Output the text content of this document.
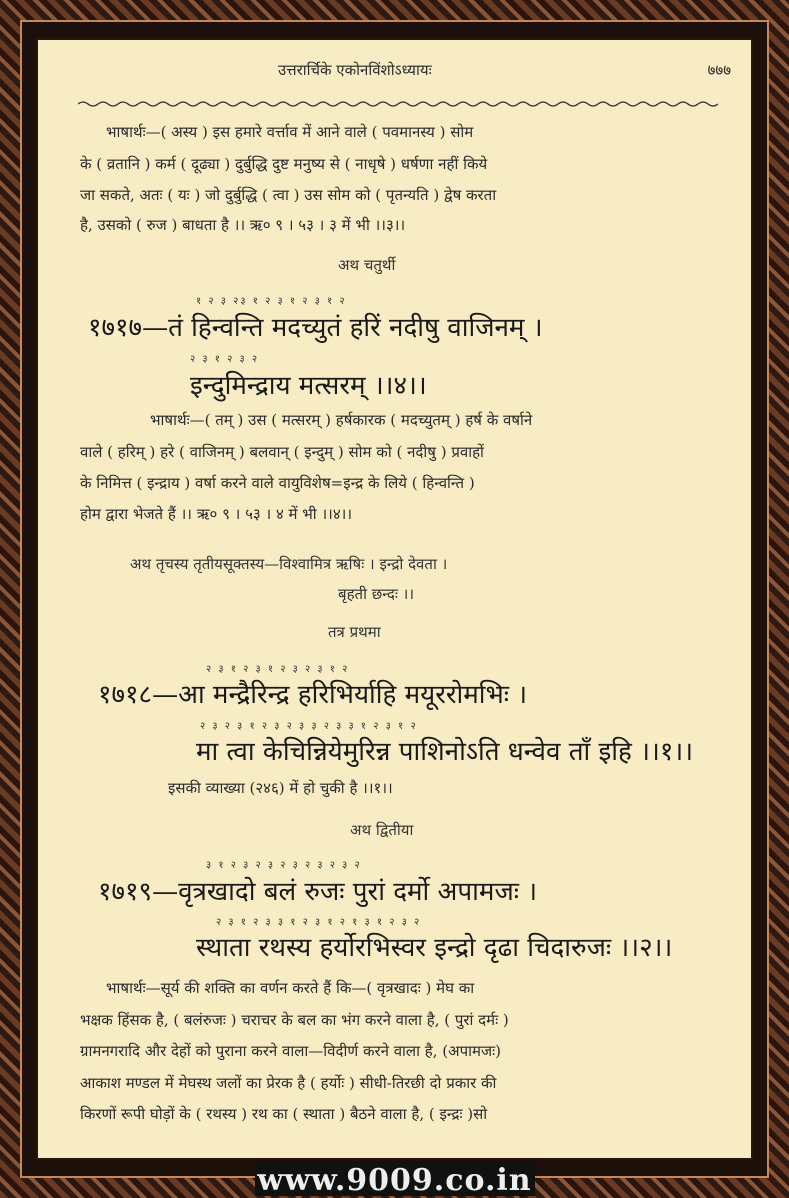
उत्तरार्चिके एकोनविंशोऽध्यायः	७७७
भाषार्थः—( अस्य ) इस हमारे वर्त्ताव में आने वाले ( पवमानस्य ) सोम
के ( व्रतानि ) कर्म ( दूढ्या ) दुर्बुद्धि दुष्ट मनुष्य से ( नाधृषे ) धर्षणा नहीं किये
जा सकते, अतः ( यः ) जो दुर्बुद्धि ( त्वा ) उस सोम को ( पृतन्यति ) द्वेष करता
है, उसको ( रुज ) बाधता है ।। ऋ० ९ । ५३ । ३ में भी ।।३।।
अथ चतुर्थी
१ २ ३ २३ १ २ ३ १ २ ३ १ २
१७१७—तं हिन्वन्ति मदच्युतं हरिं नदीषु वाजिनम् ।
२ ३ १ २ ३ २
इन्दुमिन्द्राय मत्सरम् ।।४।।
भाषार्थः—( तम् ) उस ( मत्सरम् ) हर्षकारक ( मदच्युतम् ) हर्ष के वर्षाने
वाले ( हरिम् ) हरे ( वाजिनम् ) बलवान् ( इन्दुम् ) सोम को ( नदीषु ) प्रवाहों
के निमित्त ( इन्द्राय ) वर्षा करने वाले वायुविशेष=इन्द्र के लिये ( हिन्वन्ति )
होम द्वारा भेजते हैं ।। ऋ० ९ । ५३ । ४ में भी ।।४।।
अथ तृचस्य तृतीयसूक्तस्य—विश्वामित्र ऋषिः । इन्द्रो देवता ।
बृहती छन्दः ।।
तत्र प्रथमा
२ ३ १ २ ३ १ २ ३ २ ३ १ २
१७१८—आ मन्द्रैरिन्द्र हरिभिर्याहि मयूररोमभिः ।
२ ३ २ ३ १ २ ३ २ ३ ३ २ ३ ३ १ २ ३ १ २
मा त्वा केचिन्नियेमुरिन्न पाशिनोऽति धन्वेव ताँ इहि ।।१।।
इसकी व्याख्या (२४६) में हो चुकी है ।।१।।
अथ द्वितीया
३ १ २ ३ २ ३ २ ३ २ ३ २ ३ २
१७१९—वृत्रखादो बलं रुजः पुरां दर्मो अपामजः ।
२ ३ १ २ ३ ३ १ २ ३ १ २ १ ३ १ २ ३ २
स्थाता रथस्य हर्योरभिस्वर इन्द्रो दृढा चिदारुजः ।।२।।
भाषार्थः—सूर्य की शक्ति का वर्णन करते हैं कि—( वृत्रखादः ) मेघ का
भक्षक हिंसक है, ( बलंरुजः ) चराचर के बल का भंग करने वाला है, ( पुरां दर्मः )
ग्रामनगरादि और देहों को पुराना करने वाला—विदीर्ण करने वाला है, (अपामजः)
आकाश मण्डल में मेघस्थ जलों का प्रेरक है ( हर्योः ) सीधी-तिरछी दो प्रकार की
किरणों रूपी घोड़ों के ( रथस्य ) रथ का ( स्थाता ) बैठने वाला है, ( इन्द्रः )सो
www.9009.co.in
